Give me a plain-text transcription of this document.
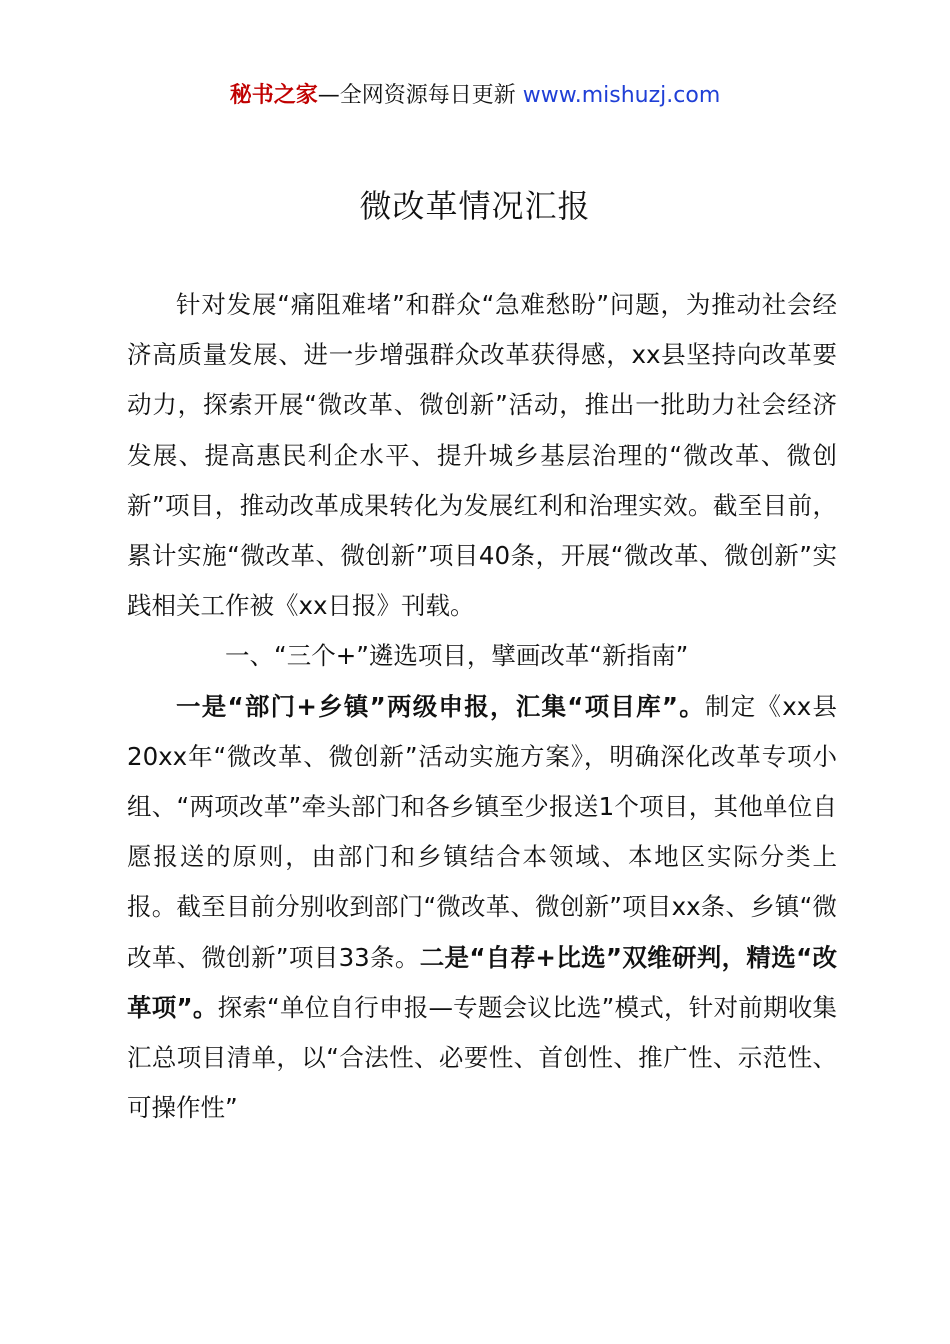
秘书之家—全网资源每日更新 www.mishuzj.com
微改革情况汇报

针对发展“痛阻难堵”和群众“急难愁盼”问题，为推动社会经济高质量发展、进一步增强群众改革获得感，xx县坚持向改革要动力，探索开展“微改革、微创新”活动，推出一批助力社会经济发展、提高惠民利企水平、提升城乡基层治理的“微改革、微创新”项目，推动改革成果转化为发展红利和治理实效。截至目前，累计实施“微改革、微创新”项目40条，开展“微改革、微创新”实践相关工作被《xx日报》刊载。

一、“三个+”遴选项目，擘画改革“新指南”

一是“部门+乡镇”两级申报，汇集“项目库”。制定《xx县20xx年“微改革、微创新”活动实施方案》，明确深化改革专项小组、“两项改革”牵头部门和各乡镇至少报送1个项目，其他单位自愿报送的原则，由部门和乡镇结合本领域、本地区实际分类上报。截至目前分别收到部门“微改革、微创新”项目xx条、乡镇“微改革、微创新”项目33条。二是“自荐+比选”双维研判，精选“改革项”。探索“单位自行申报—专题会议比选”模式，针对前期收集汇总项目清单，以“合法性、必要性、首创性、推广性、示范性、可操作性”
